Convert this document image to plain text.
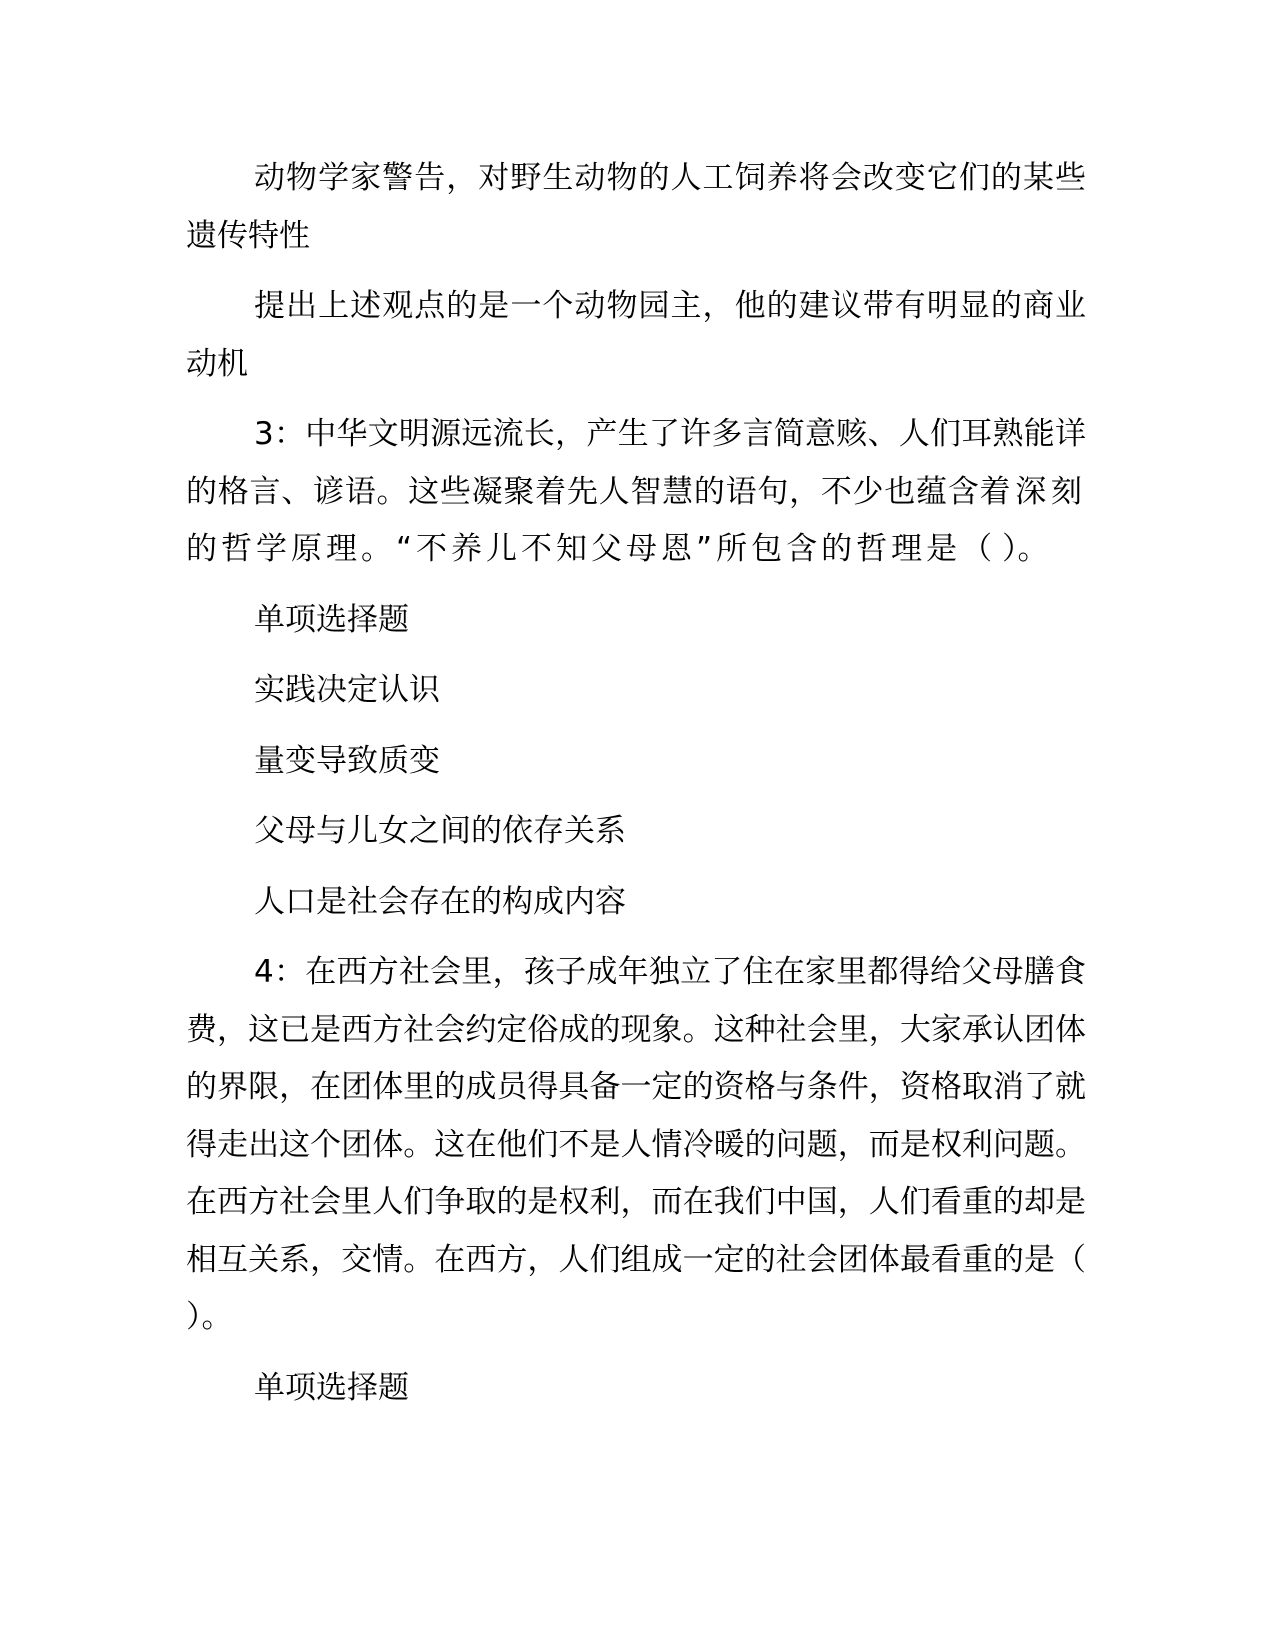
动物学家警告，对野生动物的人工饲养将会改变它们的某些遗传特性

提出上述观点的是一个动物园主，他的建议带有明显的商业动机

3：中华文明源远流长，产生了许多言简意赅、人们耳熟能详的格言、谚语。这些凝聚着先人智慧的语句，不少也蕴含着深刻的哲学原理。“不养儿不知父母恩”所包含的哲理是（ ）。

单项选择题

实践决定认识

量变导致质变

父母与儿女之间的依存关系

人口是社会存在的构成内容

4：在西方社会里，孩子成年独立了住在家里都得给父母膳食费，这已是西方社会约定俗成的现象。这种社会里，大家承认团体的界限，在团体里的成员得具备一定的资格与条件，资格取消了就得走出这个团体。这在他们不是人情冷暖的问题，而是权利问题。在西方社会里人们争取的是权利，而在我们中国，人们看重的却是相互关系，交情。在西方，人们组成一定的社会团体最看重的是（ ）。

单项选择题
